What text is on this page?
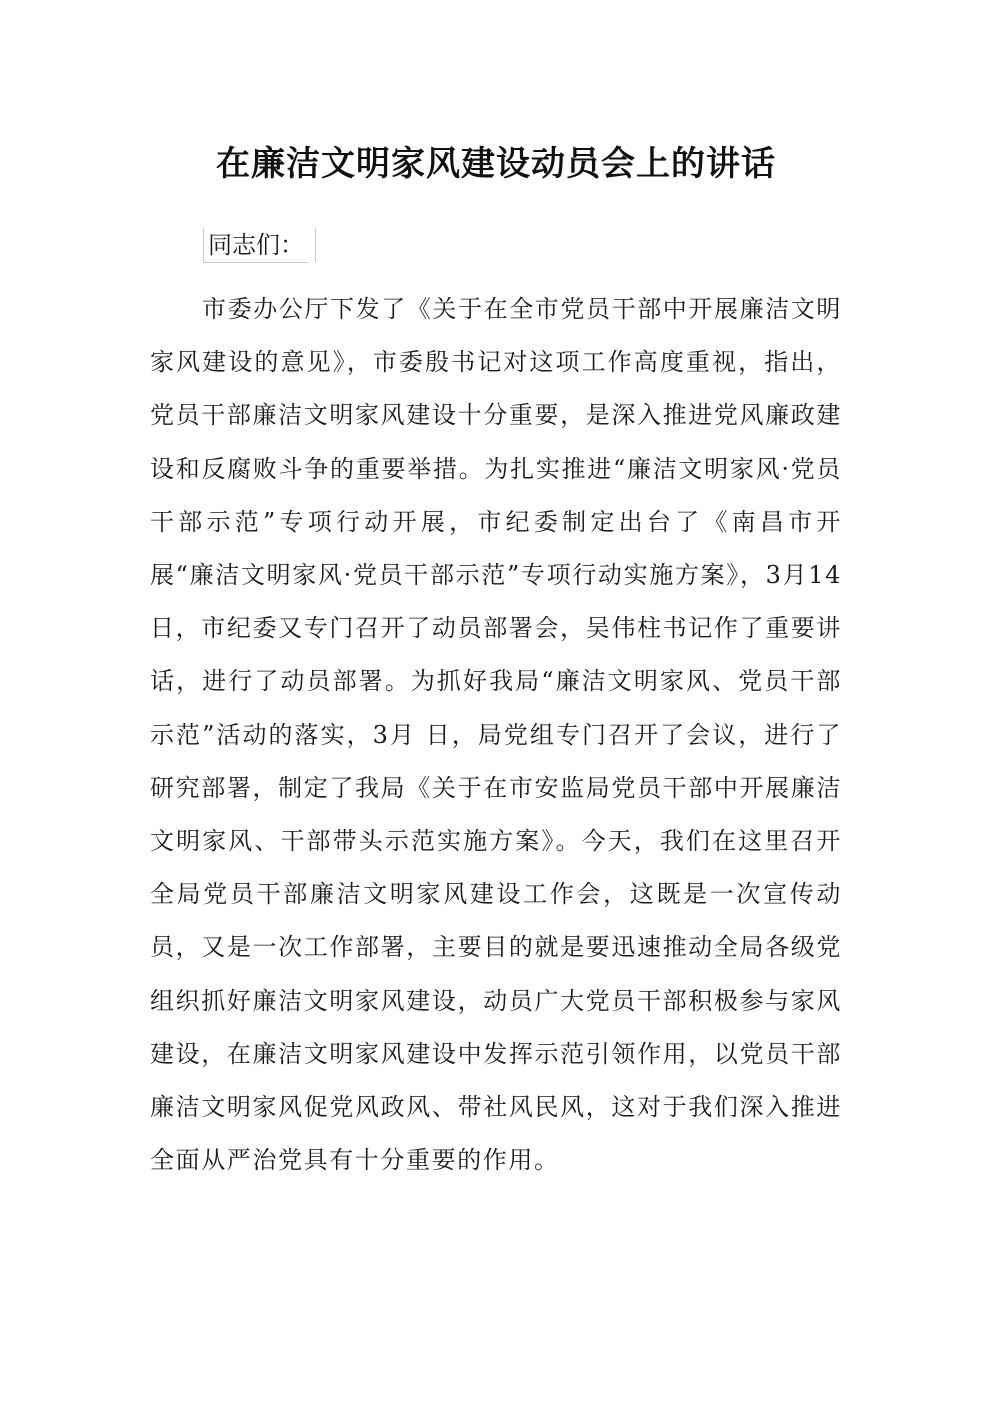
在廉洁文明家风建设动员会上的讲话
同志们：

市委办公厅下发了《关于在全市党员干部中开展廉洁文明家风建设的意见》，市委殷书记对这项工作高度重视，指出，党员干部廉洁文明家风建设十分重要，是深入推进党风廉政建设和反腐败斗争的重要举措。为扎实推进“廉洁文明家风·党员干部示范”专项行动开展，市纪委制定出台了《南昌市开展“廉洁文明家风·党员干部示范”专项行动实施方案》，3月14日，市纪委又专门召开了动员部署会，吴伟柱书记作了重要讲话，进行了动员部署。为抓好我局“廉洁文明家风、党员干部示范”活动的落实，3月 日，局党组专门召开了会议，进行了研究部署，制定了我局《关于在市安监局党员干部中开展廉洁文明家风、干部带头示范实施方案》。今天，我们在这里召开全局党员干部廉洁文明家风建设工作会，这既是一次宣传动员，又是一次工作部署，主要目的就是要迅速推动全局各级党组织抓好廉洁文明家风建设，动员广大党员干部积极参与家风建设，在廉洁文明家风建设中发挥示范引领作用，以党员干部廉洁文明家风促党风政风、带社风民风，这对于我们深入推进全面从严治党具有十分重要的作用。
